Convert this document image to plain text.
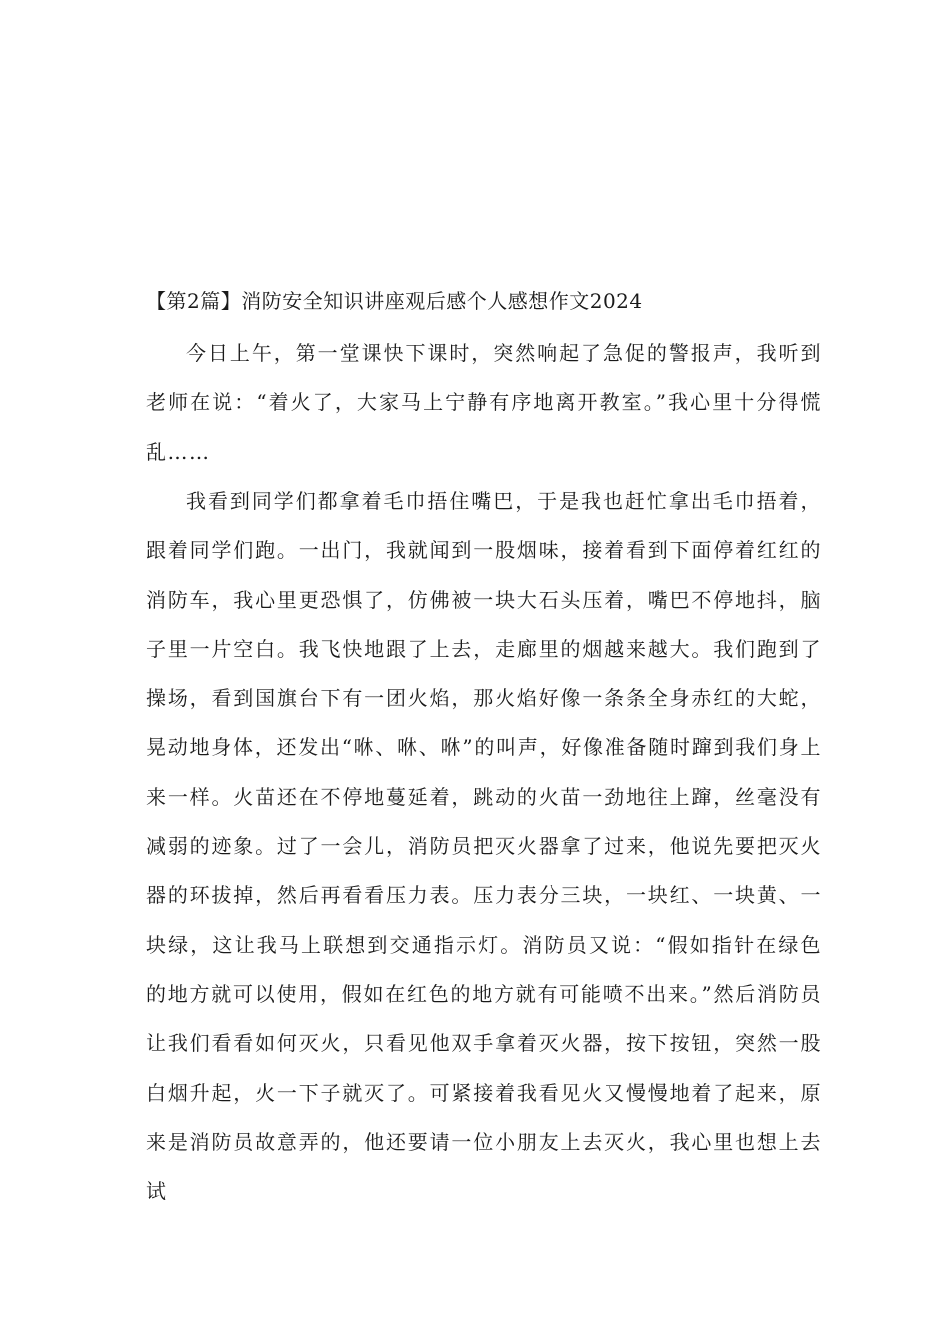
【第2篇】消防安全知识讲座观后感个人感想作文2024

今日上午，第一堂课快下课时，突然响起了急促的警报声，我听到老师在说：“着火了，大家马上宁静有序地离开教室。”我心里十分得慌乱……

我看到同学们都拿着毛巾捂住嘴巴，于是我也赶忙拿出毛巾捂着，跟着同学们跑。一出门，我就闻到一股烟味，接着看到下面停着红红的消防车，我心里更恐惧了，仿佛被一块大石头压着，嘴巴不停地抖，脑子里一片空白。我飞快地跟了上去，走廊里的烟越来越大。我们跑到了操场，看到国旗台下有一团火焰，那火焰好像一条条全身赤红的大蛇，晃动地身体，还发出“咻、咻、咻”的叫声，好像准备随时蹿到我们身上来一样。火苗还在不停地蔓延着，跳动的火苗一劲地往上蹿，丝毫没有减弱的迹象。过了一会儿，消防员把灭火器拿了过来，他说先要把灭火器的环拔掉，然后再看看压力表。压力表分三块，一块红、一块黄、一块绿，这让我马上联想到交通指示灯。消防员又说：“假如指针在绿色的地方就可以使用，假如在红色的地方就有可能喷不出来。”然后消防员让我们看看如何灭火，只看见他双手拿着灭火器，按下按钮，突然一股白烟升起，火一下子就灭了。可紧接着我看见火又慢慢地着了起来，原来是消防员故意弄的，他还要请一位小朋友上去灭火，我心里也想上去试
